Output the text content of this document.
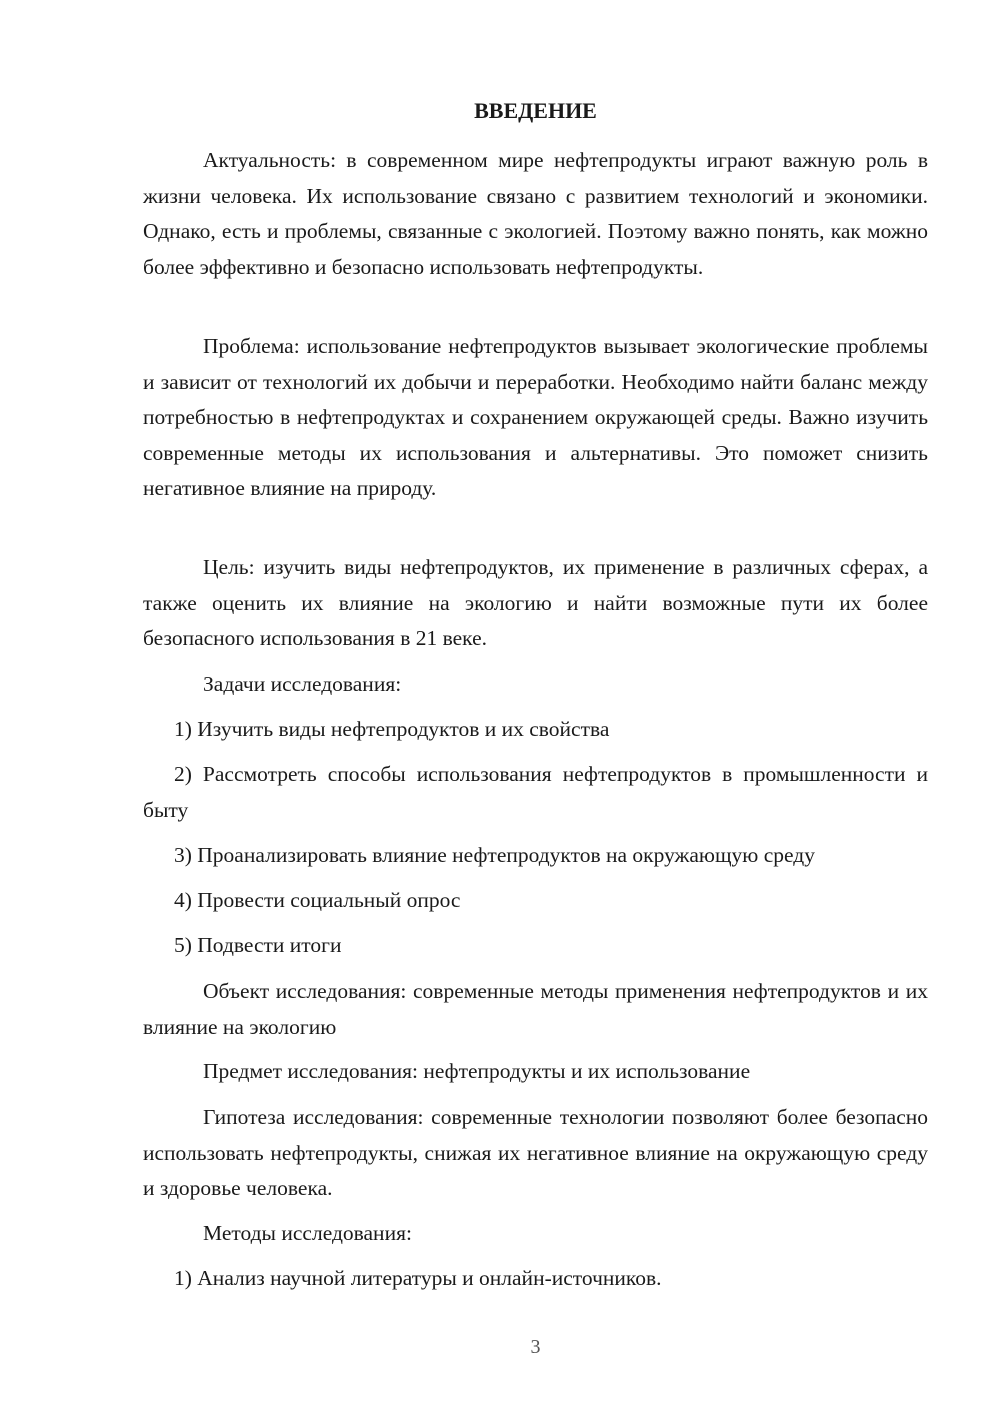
ВВЕДЕНИЕ

Актуальность: в современном мире нефтепродукты играют важную роль в жизни человека. Их использование связано с развитием технологий и экономики. Однако, есть и проблемы, связанные с экологией. Поэтому важно понять, как можно более эффективно и безопасно использовать нефтепродукты.

Проблема: использование нефтепродуктов вызывает экологические проблемы и зависит от технологий их добычи и переработки. Необходимо найти баланс между потребностью в нефтепродуктах и сохранением окружающей среды. Важно изучить современные методы их использования и альтернативы. Это поможет снизить негативное влияние на природу.

Цель: изучить виды нефтепродуктов, их применение в различных сферах, а также оценить их влияние на экологию и найти возможные пути их более безопасного использования в 21 веке.

Задачи исследования:

1) Изучить виды нефтепродуктов и их свойства

2) Рассмотреть способы использования нефтепродуктов в промышленности и быту

3) Проанализировать влияние нефтепродуктов на окружающую среду

4) Провести социальный опрос

5) Подвести итоги

Объект исследования: современные методы применения нефтепродуктов и их влияние на экологию

Предмет исследования: нефтепродукты и их использование

Гипотеза исследования: современные технологии позволяют более безопасно использовать нефтепродукты, снижая их негативное влияние на окружающую среду и здоровье человека.

Методы исследования:

1) Анализ научной литературы и онлайн-источников.

3
